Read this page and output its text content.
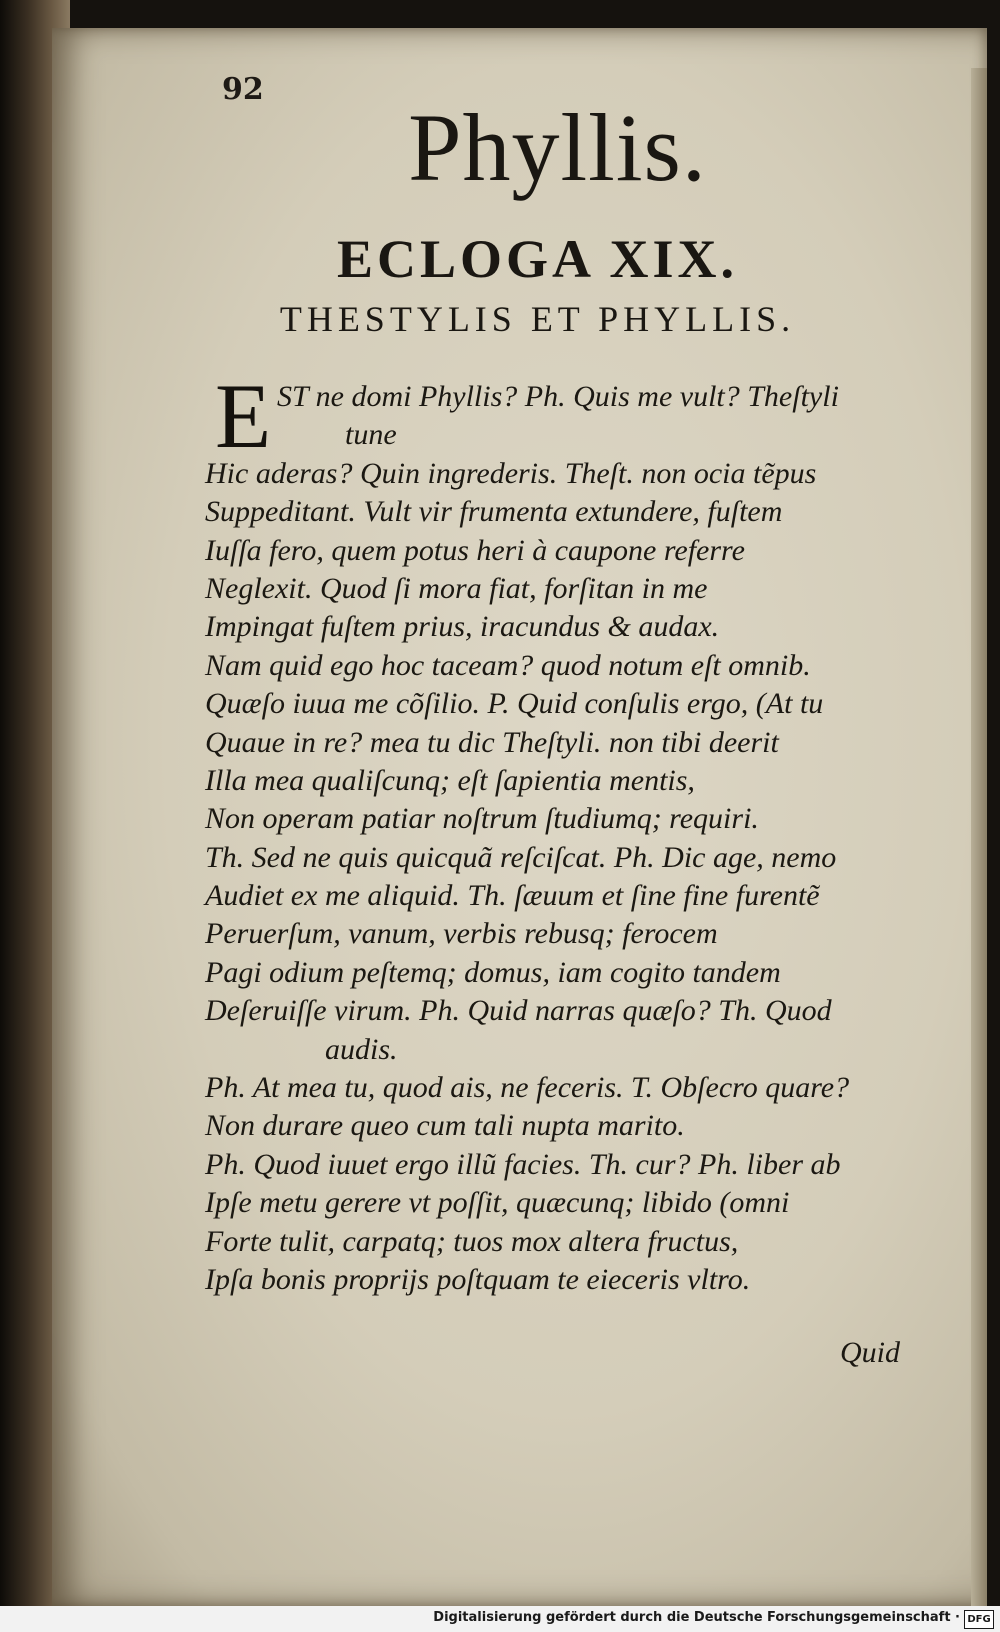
92
Phyllis.
ECLOGA XIX.
THESTYLIS ET PHYLLIS.
E ST ne domi Phyllis? Ph. Quis me vult? Theſtyli
tune
Hic aderas? Quin ingrederis. Theſt. non ocia tẽpus
Suppeditant. Vult vir frumenta extundere, fuſtem
Iuſſa fero, quem potus heri à caupone referre
Neglexit. Quod ſi mora fiat, forſitan in me
Impingat fuſtem prius, iracundus & audax.
Nam quid ego hoc taceam? quod notum eſt omnib.
Quæſo iuua me cõſilio. P. Quid conſulis ergo, (At tu
Quaue in re? mea tu dic Theſtyli. non tibi deerit
Illa mea qualiſcunq; eſt ſapientia mentis,
Non operam patiar noſtrum ſtudiumq; requiri.
Th. Sed ne quis quicquã reſciſcat. Ph. Dic age, nemo
Audiet ex me aliquid. Th. ſæuum et ſine fine furentẽ
Peruerſum, vanum, verbis rebusq; ferocem
Pagi odium peſtemq; domus, iam cogito tandem
Deſeruiſſe virum. Ph. Quid narras quæſo? Th. Quod
audis.
Ph. At mea tu, quod ais, ne feceris. T. Obſecro quare?
Non durare queo cum tali nupta marito.
Ph. Quod iuuet ergo illũ facies. Th. cur? Ph. liber ab
Ipſe metu gerere vt poſſit, quæcunq; libido (omni
Forte tulit, carpatq; tuos mox altera fructus,
Ipſa bonis proprijs poſtquam te eieceris vltro.
Quid
Digitalisierung gefördert durch die Deutsche Forschungsgemeinschaft · DFG
